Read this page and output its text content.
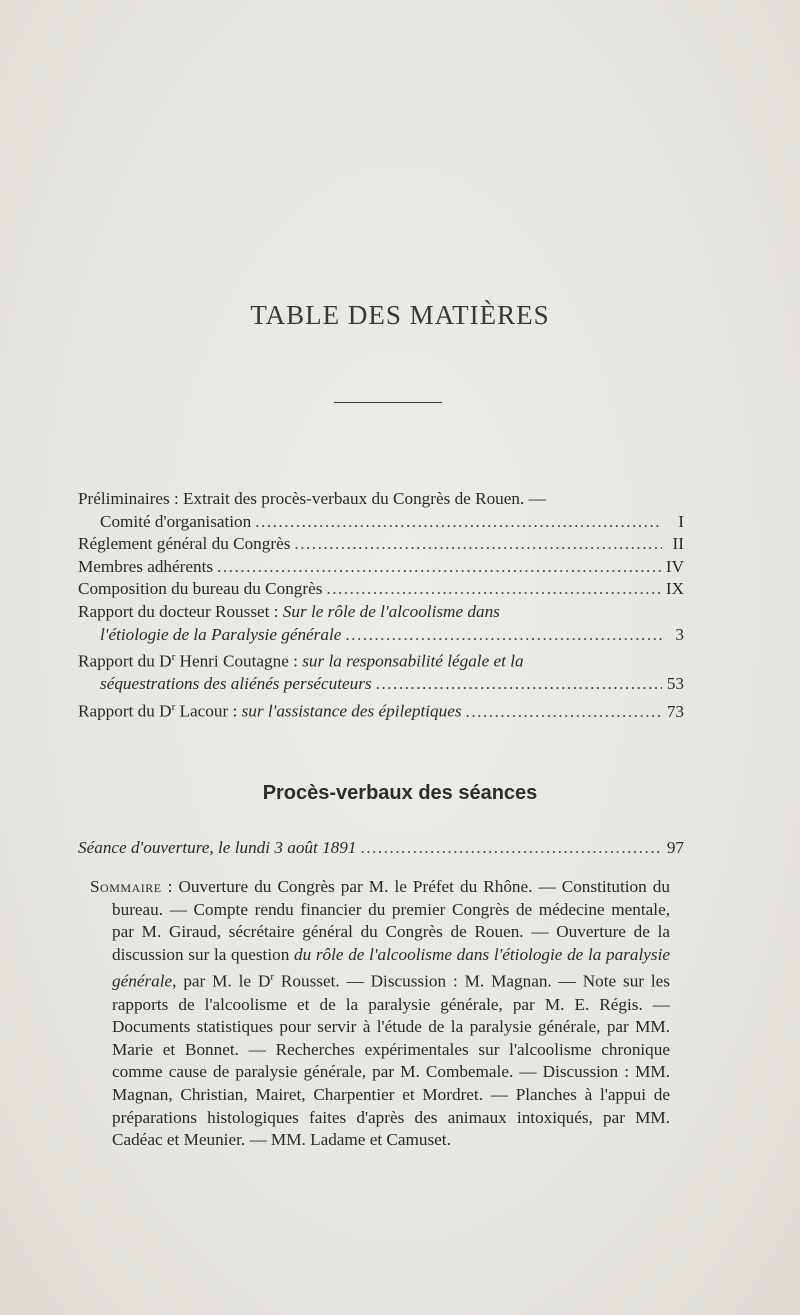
TABLE DES MATIÈRES
Préliminaires : Extrait des procès-verbaux du Congrès de Rouen. —
Comité d'organisation .....	I
Réglement général du Congrès .....	II
Membres adhérents .....	IV
Composition du bureau du Congrès .....	IX
Rapport du docteur Rousset : Sur le rôle de l'alcoolisme dans
l'étiologie de la Paralysie générale .....	3
Rapport du $D^r$ Henri Coutagne : sur la responsabilité légale et la
séquestrations des aliénés persécuteurs .....	53
Rapport du $D^r$ Lacour : sur l'assistance des épileptiques .....	73
Procès-verbaux des séances
Séance d'ouverture, le lundi 3 août 1891 .....	97
Sommaire : Ouverture du Congrès par M. le Préfet du Rhône. — Constitution du bureau. — Compte rendu financier du premier Congrès de médecine mentale, par M. Giraud, sécrétaire général du Congrès de Rouen. — Ouverture de la discussion sur la question du rôle de l'alcoolisme dans l'étiologie de la paralysie générale, par M. le $D^r$ Rousset. — Discussion : M. Magnan. — Note sur les rapports de l'alcoolisme et de la paralysie générale, par M. E. Régis. — Documents statistiques pour servir à l'étude de la paralysie générale, par MM. Marie et Bonnet. — Recherches expérimentales sur l'alcoolisme chronique comme cause de paralysie générale, par M. Combemale. — Discussion : MM. Magnan, Christian, Mairet, Charpentier et Mordret. — Planches à l'appui de préparations histologiques faites d'après des animaux intoxiqués, par MM. Cadéac et Meunier. — MM. Ladame et Camuset.
